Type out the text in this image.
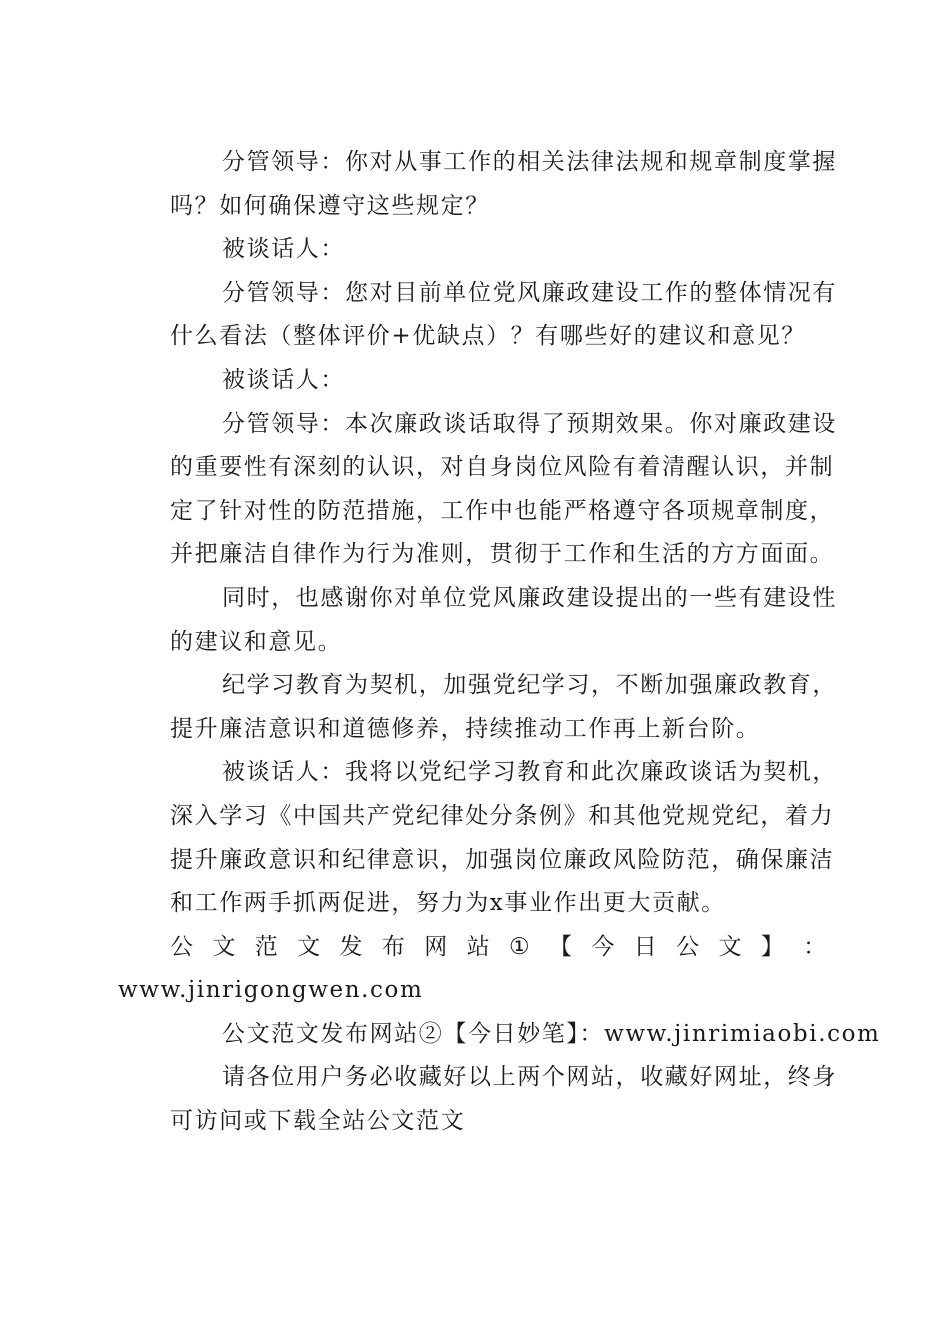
分管领导：你对从事工作的相关法律法规和规章制度掌握
吗？如何确保遵守这些规定？
被谈话人：
分管领导：您对目前单位党风廉政建设工作的整体情况有
什么看法（整体评价+优缺点）？有哪些好的建议和意见？
被谈话人：
分管领导：本次廉政谈话取得了预期效果。你对廉政建设
的重要性有深刻的认识，对自身岗位风险有着清醒认识，并制
定了针对性的防范措施，工作中也能严格遵守各项规章制度，
并把廉洁自律作为行为准则，贯彻于工作和生活的方方面面。
同时，也感谢你对单位党风廉政建设提出的一些有建设性
的建议和意见。
纪学习教育为契机，加强党纪学习，不断加强廉政教育，
提升廉洁意识和道德修养，持续推动工作再上新台阶。
被谈话人：我将以党纪学习教育和此次廉政谈话为契机，
深入学习《中国共产党纪律处分条例》和其他党规党纪，着力
提升廉政意识和纪律意识，加强岗位廉政风险防范，确保廉洁
和工作两手抓两促进，努力为x事业作出更大贡献。
公 文 范 文 发 布 网 站 ① 【 今 日 公 文 】 ：
www.jinrigongwen.com
公文范文发布网站②【今日妙笔】：www.jinrimiaobi.com
请各位用户务必收藏好以上两个网站，收藏好网址，终身
可访问或下载全站公文范文
